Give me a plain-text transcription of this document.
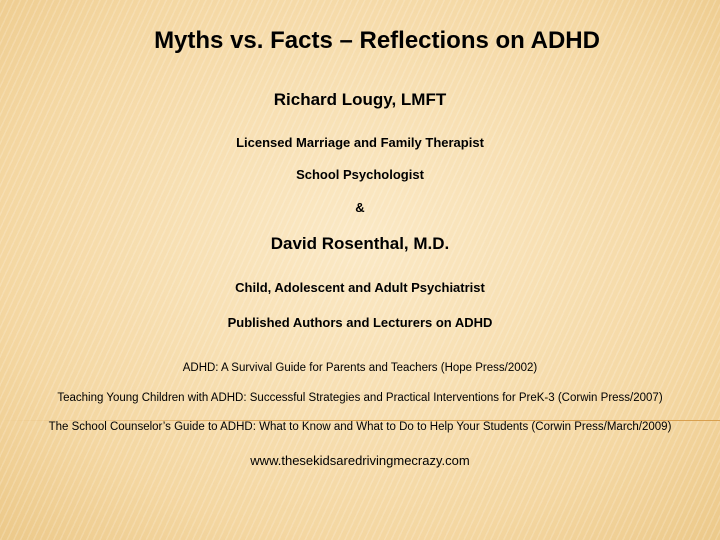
Myths vs. Facts – Reflections on ADHD
Richard Lougy, LMFT
Licensed Marriage and Family Therapist
School Psychologist
&
David Rosenthal, M.D.
Child, Adolescent and Adult Psychiatrist
Published Authors and Lecturers on ADHD
ADHD: A Survival Guide for Parents and Teachers (Hope Press/2002)
Teaching Young Children with ADHD: Successful Strategies and Practical Interventions for PreK-3 (Corwin Press/2007)
The School Counselor’s Guide to ADHD: What to Know and What to Do to Help Your Students (Corwin Press/March/2009)
www.thesekidsaredrivingmecrazy.com
